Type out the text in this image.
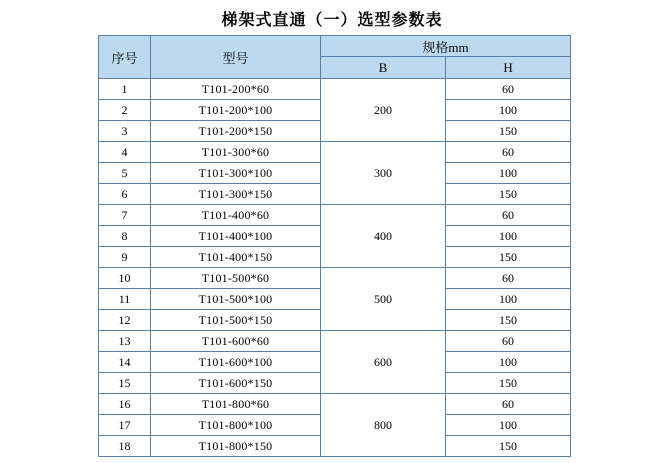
梯架式直通（一）选型参数表
序号	型号	规格mm	
		B	H
1	T101-200*60	200	60
2	T101-200*100		100
3	T101-200*150		150
4	T101-300*60	300	60
5	T101-300*100		100
6	T101-300*150		150
7	T101-400*60	400	60
8	T101-400*100		100
9	T101-400*150		150
10	T101-500*60	500	60
11	T101-500*100		100
12	T101-500*150		150
13	T101-600*60	600	60
14	T101-600*100		100
15	T101-600*150		150
16	T101-800*60	800	60
17	T101-800*100		100
18	T101-800*150		150
